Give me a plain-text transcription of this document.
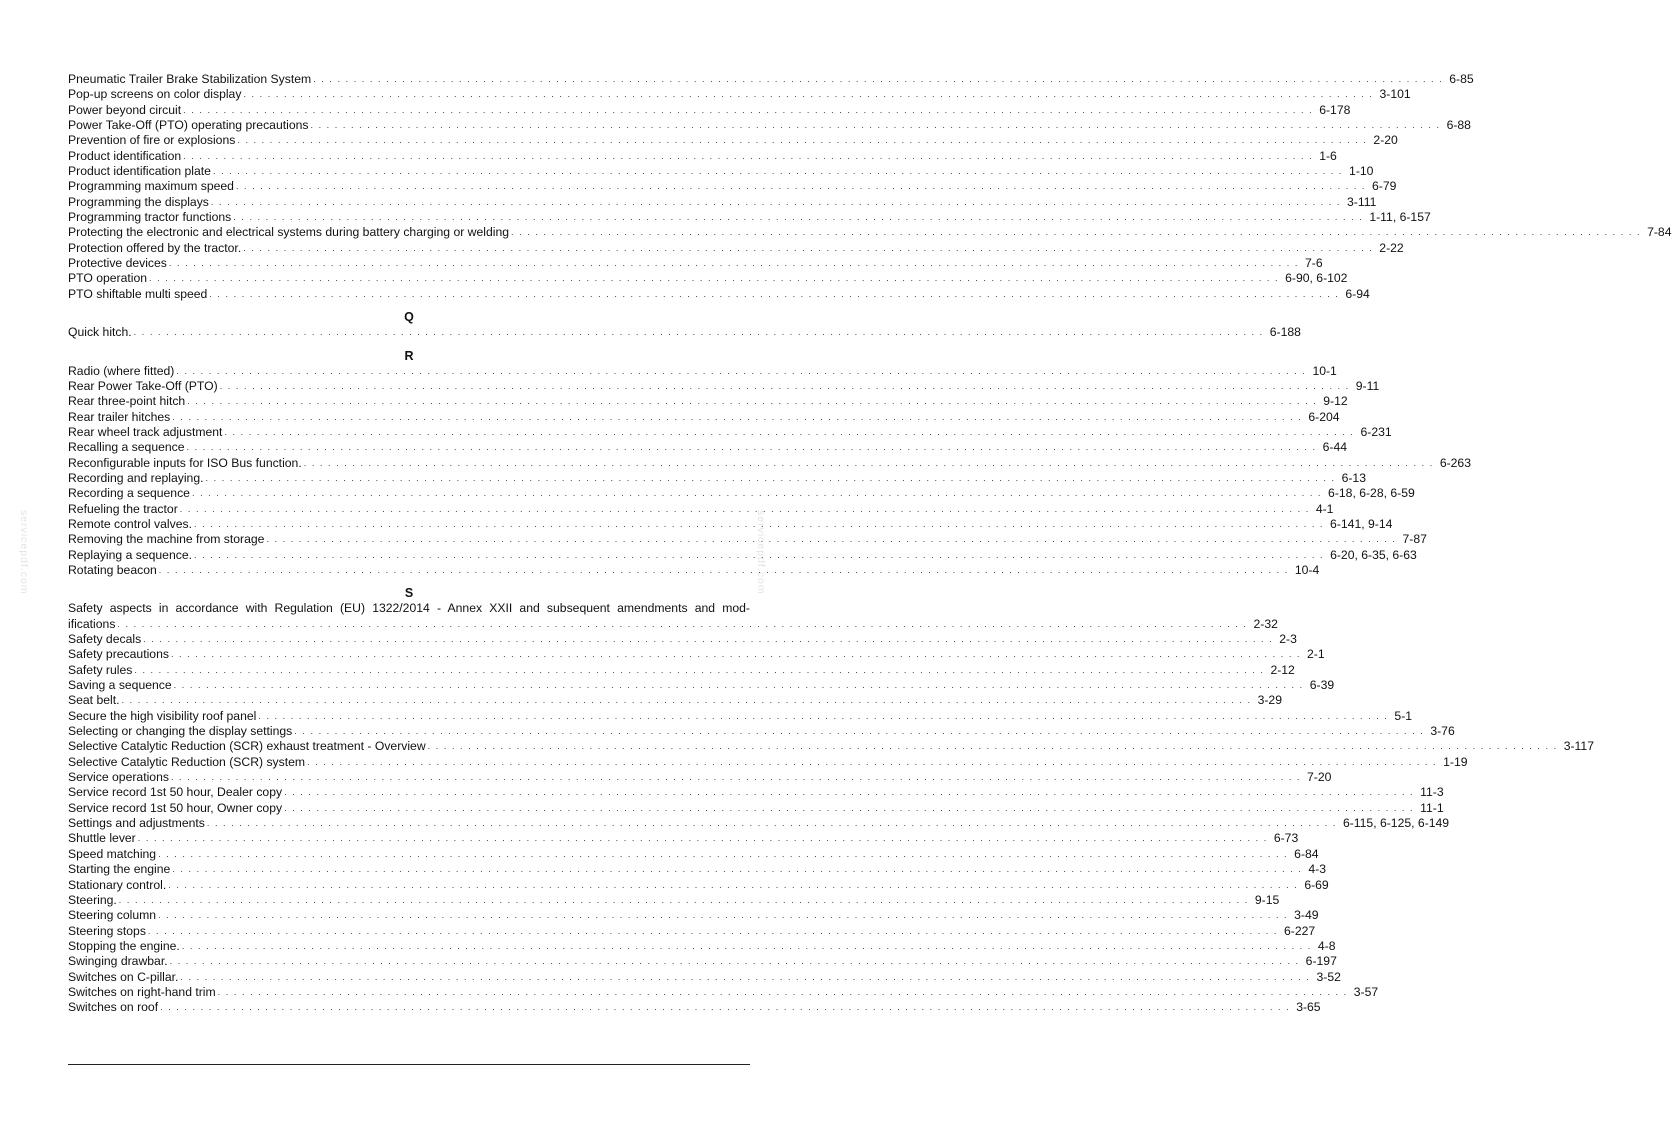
servicepdf.com	servicepdf.com
Pneumatic Trailer Brake Stabilization System ............................................................................................................................................ 6-85
Pop-up screens on color display ............................................................................................................................................ 3-101
Power beyond circuit ............................................................................................................................................ 6-178
Power Take-Off (PTO) operating precautions ............................................................................................................................................ 6-88
Prevention of fire or explosions ............................................................................................................................................ 2-20
Product identification ............................................................................................................................................ 1-6
Product identification plate ............................................................................................................................................ 1-10
Programming maximum speed ............................................................................................................................................ 6-79
Programming the displays ............................................................................................................................................ 3-111
Programming tractor functions ............................................................................................................................................ 1-11, 6-157
Protecting the electronic and electrical systems during battery charging or welding ............................................................................................................................................ 7-84
Protection offered by the tractor. ............................................................................................................................................ 2-22
Protective devices ............................................................................................................................................ 7-6
PTO operation ............................................................................................................................................ 6-90, 6-102
PTO shiftable multi speed ............................................................................................................................................ 6-94
Q
Quick hitch. ............................................................................................................................................ 6-188
R
Radio (where fitted) ............................................................................................................................................ 10-1
Rear Power Take-Off (PTO) ............................................................................................................................................ 9-11
Rear three-point hitch ............................................................................................................................................ 9-12
Rear trailer hitches ............................................................................................................................................ 6-204
Rear wheel track adjustment ............................................................................................................................................ 6-231
Recalling a sequence ............................................................................................................................................ 6-44
Reconfigurable inputs for ISO Bus function. ............................................................................................................................................ 6-263
Recording and replaying. ............................................................................................................................................ 6-13
Recording a sequence ............................................................................................................................................ 6-18, 6-28, 6-59
Refueling the tractor ............................................................................................................................................ 4-1
Remote control valves. ............................................................................................................................................ 6-141, 9-14
Removing the machine from storage ............................................................................................................................................ 7-87
Replaying a sequence. ............................................................................................................................................ 6-20, 6-35, 6-63
Rotating beacon ............................................................................................................................................ 10-4
S
Safety aspects in accordance with Regulation (EU) 1322/2014 - Annex XXII and subsequent amendments and mod-
ifications ............................................................................................................................................ 2-32
Safety decals ............................................................................................................................................ 2-3
Safety precautions ............................................................................................................................................ 2-1
Safety rules ............................................................................................................................................ 2-12
Saving a sequence ............................................................................................................................................ 6-39
Seat belt. ............................................................................................................................................ 3-29
Secure the high visibility roof panel ............................................................................................................................................ 5-1
Selecting or changing the display settings ............................................................................................................................................ 3-76
Selective Catalytic Reduction (SCR) exhaust treatment - Overview ............................................................................................................................................ 3-117
Selective Catalytic Reduction (SCR) system ............................................................................................................................................ 1-19
Service operations ............................................................................................................................................ 7-20
Service record 1st 50 hour, Dealer copy ............................................................................................................................................ 11-3
Service record 1st 50 hour, Owner copy ............................................................................................................................................ 11-1
Settings and adjustments ............................................................................................................................................ 6-115, 6-125, 6-149
Shuttle lever ............................................................................................................................................ 6-73
Speed matching ............................................................................................................................................ 6-84
Starting the engine ............................................................................................................................................ 4-3
Stationary control. ............................................................................................................................................ 6-69
Steering. ............................................................................................................................................ 9-15
Steering column ............................................................................................................................................ 3-49
Steering stops ............................................................................................................................................ 6-227
Stopping the engine. ............................................................................................................................................ 4-8
Swinging drawbar. ............................................................................................................................................ 6-197
Switches on C-pillar. ............................................................................................................................................ 3-52
Switches on right-hand trim ............................................................................................................................................ 3-57
Switches on roof ............................................................................................................................................ 3-65
